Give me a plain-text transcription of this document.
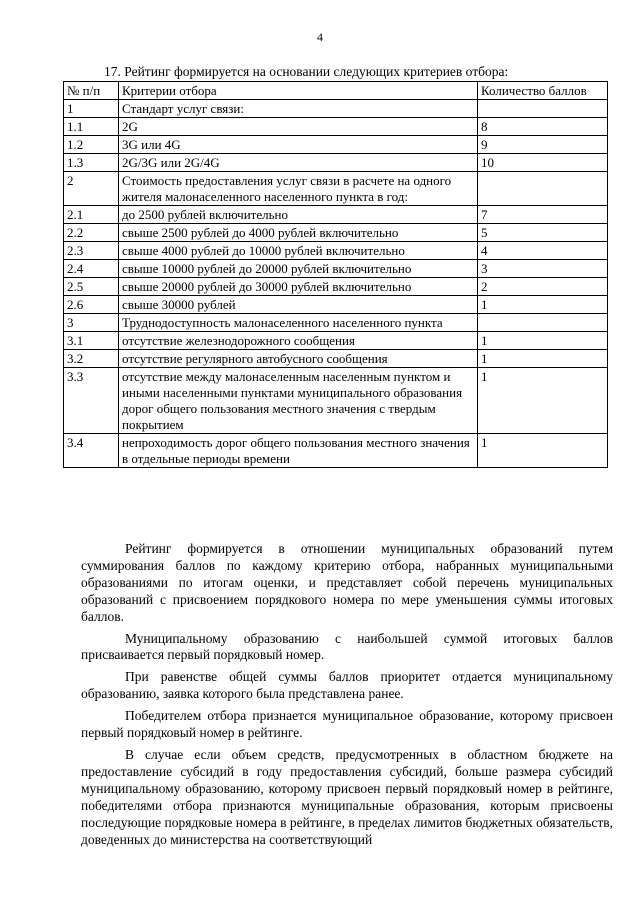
4
17. Рейтинг формируется на основании следующих критериев отбора:
№ п/п	Критерии отбора	Количество баллов
1	Стандарт услуг связи:	
1.1	2G	8
1.2	3G или 4G	9
1.3	2G/3G или 2G/4G	10
2	Стоимость предоставления услуг связи в расчете на одного жителя малонаселенного населенного пункта в год:	
2.1	до 2500 рублей включительно	7
2.2	свыше 2500 рублей до 4000 рублей включительно	5
2.3	свыше 4000 рублей до 10000 рублей включительно	4
2.4	свыше 10000 рублей до 20000 рублей включительно	3
2.5	свыше 20000 рублей до 30000 рублей включительно	2
2.6	свыше 30000 рублей	1
3	Труднодоступность малонаселенного населенного пункта	
3.1	отсутствие железнодорожного сообщения	1
3.2	отсутствие регулярного автобусного сообщения	1
3.3	отсутствие между малонаселенным населенным пунктом и иными населенными пунктами муниципального образования дорог общего пользования местного значения с твердым покрытием	1
3.4	непроходимость дорог общего пользования местного значения в отдельные периоды времени	1

Рейтинг формируется в отношении муниципальных образований путем суммирования баллов по каждому критерию отбора, набранных муниципальными образованиями по итогам оценки, и представляет собой перечень муниципальных образований с присвоением порядкового номера по мере уменьшения суммы итоговых баллов.

Муниципальному образованию с наибольшей суммой итоговых баллов присваивается первый порядковый номер.

При равенстве общей суммы баллов приоритет отдается муниципальному образованию, заявка которого была представлена ранее.

Победителем отбора признается муниципальное образование, которому присвоен первый порядковый номер в рейтинге.

В случае если объем средств, предусмотренных в областном бюджете на предоставление субсидий в году предоставления субсидий, больше размера субсидий муниципальному образованию, которому присвоен первый порядковый номер в рейтинге, победителями отбора признаются муниципальные образования, которым присвоены последующие порядковые номера в рейтинге, в пределах лимитов бюджетных обязательств, доведенных до министерства на соответствующий
